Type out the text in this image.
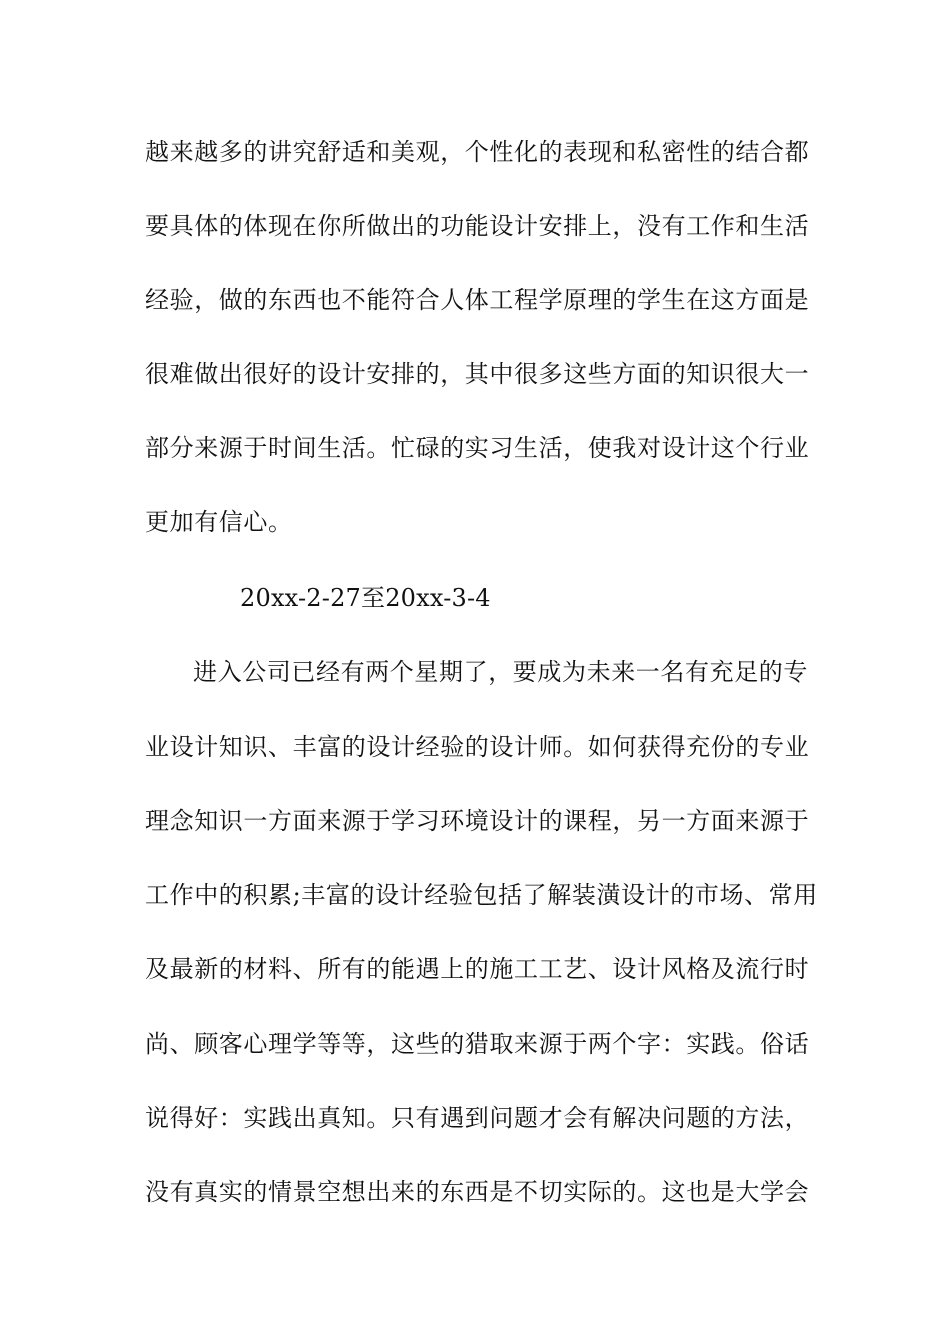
越来越多的讲究舒适和美观，个性化的表现和私密性的结合都
要具体的体现在你所做出的功能设计安排上，没有工作和生活
经验，做的东西也不能符合人体工程学原理的学生在这方面是
很难做出很好的设计安排的，其中很多这些方面的知识很大一
部分来源于时间生活。忙碌的实习生活，使我对设计这个行业
更加有信心。
20xx-2-27至20xx-3-4
进入公司已经有两个星期了，要成为未来一名有充足的专
业设计知识、丰富的设计经验的设计师。如何获得充份的专业
理念知识一方面来源于学习环境设计的课程，另一方面来源于
工作中的积累;丰富的设计经验包括了解装潢设计的市场、常用
及最新的材料、所有的能遇上的施工工艺、设计风格及流行时
尚、顾客心理学等等，这些的猎取来源于两个字：实践。俗话
说得好：实践出真知。只有遇到问题才会有解决问题的方法，
没有真实的情景空想出来的东西是不切实际的。这也是大学会
